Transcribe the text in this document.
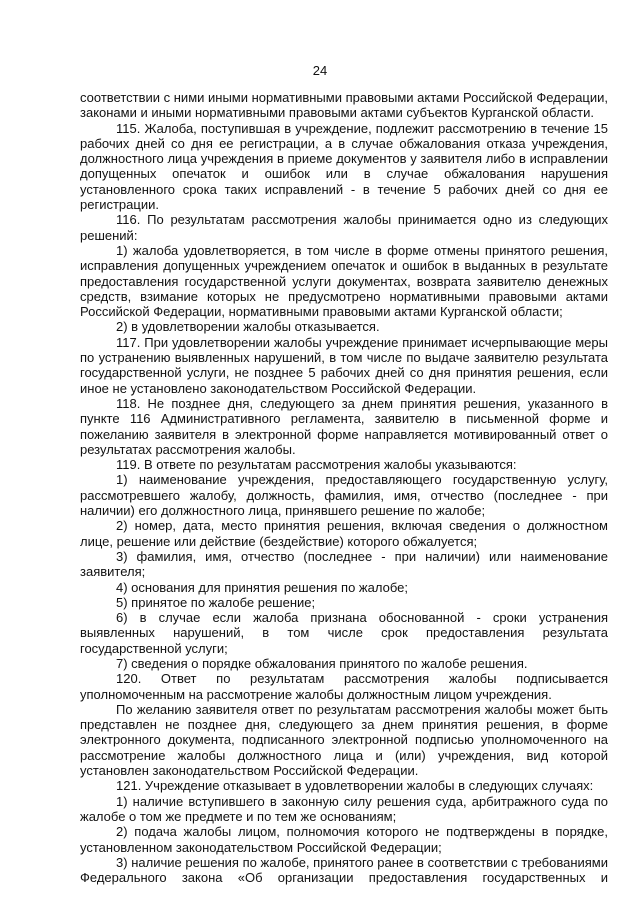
24

соответствии с ними иными нормативными правовыми актами Российской Федерации, законами и иными нормативными правовыми актами субъектов Курганской области.

115. Жалоба, поступившая в учреждение, подлежит рассмотрению в течение 15 рабочих дней со дня ее регистрации, а в случае обжалования отказа учреждения, должностного лица учреждения в приеме документов у заявителя либо в исправлении допущенных опечаток и ошибок или в случае обжалования нарушения установленного срока таких исправлений - в течение 5 рабочих дней со дня ее регистрации.

116. По результатам рассмотрения жалобы принимается одно из следующих решений:

1) жалоба удовлетворяется, в том числе в форме отмены принятого решения, исправления допущенных учреждением опечаток и ошибок в выданных в результате предоставления государственной услуги документах, возврата заявителю денежных средств, взимание которых не предусмотрено нормативными правовыми актами Российской Федерации, нормативными правовыми актами Курганской области;

2) в удовлетворении жалобы отказывается.

117. При удовлетворении жалобы учреждение принимает исчерпывающие меры по устранению выявленных нарушений, в том числе по выдаче заявителю результата государственной услуги, не позднее 5 рабочих дней со дня принятия решения, если иное не установлено законодательством Российской Федерации.

118. Не позднее дня, следующего за днем принятия решения, указанного в пункте 116 Административного регламента, заявителю в письменной форме и пожеланию заявителя в электронной форме направляется мотивированный ответ о результатах рассмотрения жалобы.

119. В ответе по результатам рассмотрения жалобы указываются:

1) наименование учреждения, предоставляющего государственную услугу, рассмотревшего жалобу, должность, фамилия, имя, отчество (последнее - при наличии) его должностного лица, принявшего решение по жалобе;

2) номер, дата, место принятия решения, включая сведения о должностном лице, решение или действие (бездействие) которого обжалуется;

3) фамилия, имя, отчество (последнее - при наличии) или наименование заявителя;

4) основания для принятия решения по жалобе;

5) принятое по жалобе решение;

6) в случае если жалоба признана обоснованной - сроки устранения выявленных нарушений, в том числе срок предоставления результата государственной услуги;

7) сведения о порядке обжалования принятого по жалобе решения.

120. Ответ по результатам рассмотрения жалобы подписывается уполномоченным на рассмотрение жалобы должностным лицом учреждения.

По желанию заявителя ответ по результатам рассмотрения жалобы может быть представлен не позднее дня, следующего за днем принятия решения, в форме электронного документа, подписанного электронной подписью уполномоченного на рассмотрение жалобы должностного лица и (или) учреждения, вид которой установлен законодательством Российской Федерации.

121. Учреждение отказывает в удовлетворении жалобы в следующих случаях:

1) наличие вступившего в законную силу решения суда, арбитражного суда по жалобе о том же предмете и по тем же основаниям;

2) подача жалобы лицом, полномочия которого не подтверждены в порядке, установленном законодательством Российской Федерации;

3) наличие решения по жалобе, принятого ранее в соответствии с требованиями Федерального закона «Об организации предоставления государственных и
